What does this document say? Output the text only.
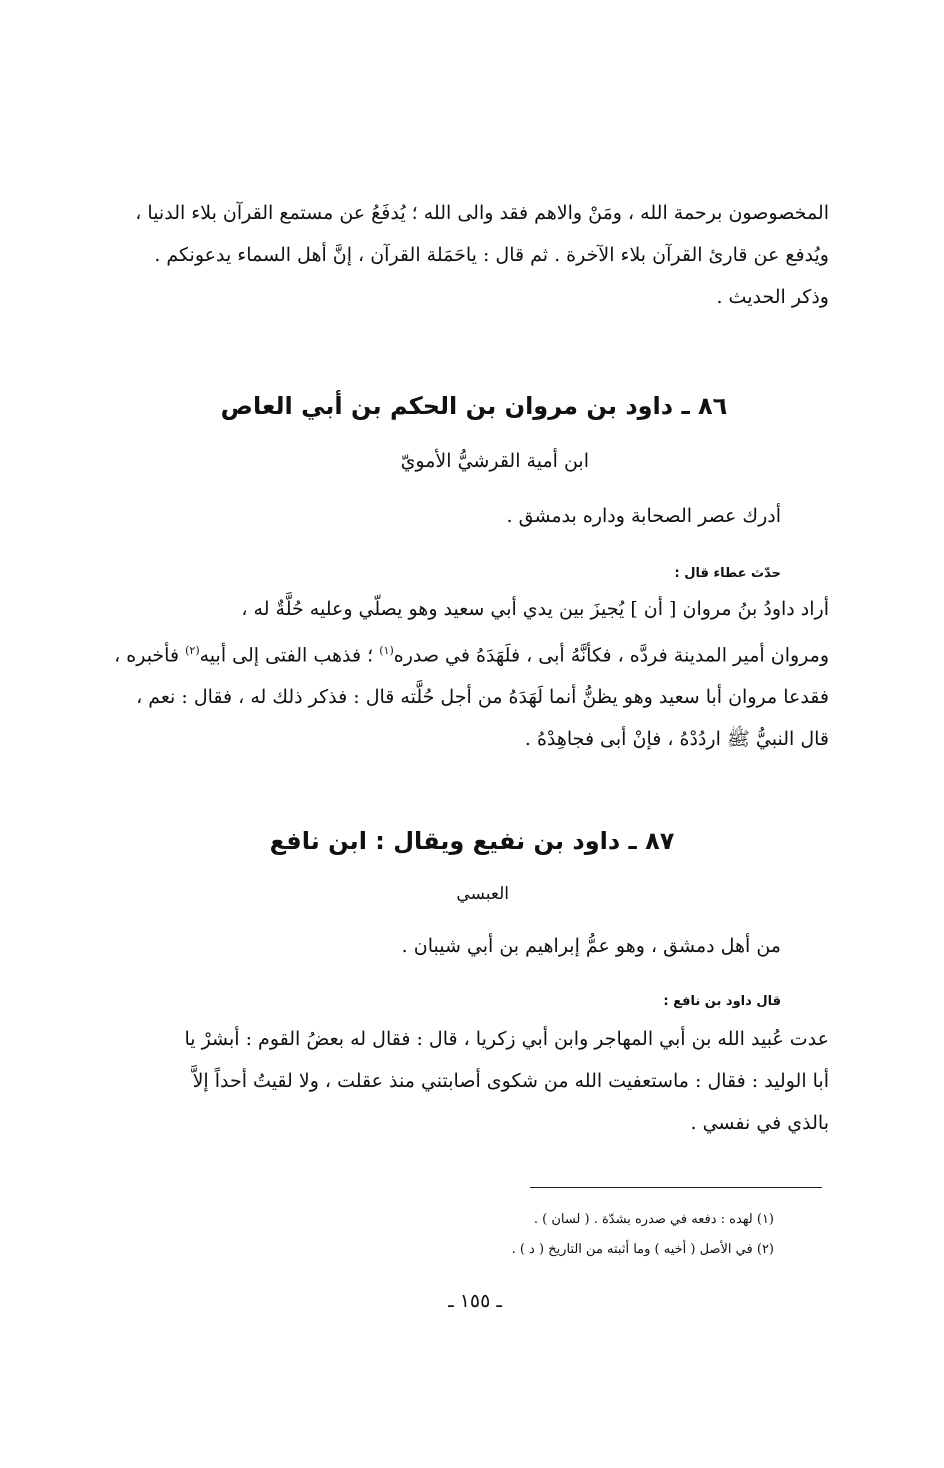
المخصوصون برحمة الله ، ومَنْ والاهم فقد والى الله ؛ يُدفَعُ عن مستمع القرآن بلاء الدنيا ،

ويُدفع عن قارئ القرآن بلاء الآخرة . ثم قال : ياحَمَلة القرآن ، إنَّ أهل السماء يدعونكم .

وذكر الحديث .

٨٦ ـ داود بن مروان بن الحكم بن أبي العاص

ابن أمية القرشيُّ الأمويّ

أدرك عصر الصحابة وداره بدمشق .

حدّث عطاء قال :

أراد داودُ بنُ مروان [ أن ] يُجيزَ بين يدي أبي سعيد وهو يصلّي وعليه حُلَّةٌ له ،

ومروان أمير المدينة فردَّه ، فكأنَّهُ أبى ، فلَهَدَهُ في صدره$^{(١)}$ ؛ فذهب الفتى إلى أبيه$^{(٢)}$ فأخبره ،

فقدعا مروان أبا سعيد وهو يظنُّ أنما لَهَدَهُ من أجل حُلَّته قال : فذكر ذلك له ، فقال : نعم ،

قال النبيُّ ﷺ اردُدْهُ ، فإنْ أبى فجاهِدْهُ .

٨٧ ـ داود بن نفيع ويقال : ابن نافع

العبسي

من أهل دمشق ، وهو عمُّ إبراهيم بن أبي شيبان .

قال داود بن نافع :

عدت عُبيد الله بن أبي المهاجر وابن أبي زكريا ، قال : فقال له بعضُ القوم : أبشرْ يا

أبا الوليد : فقال : ماستعفيت الله من شكوى أصابتني منذ عقلت ، ولا لقيتُ أحداً إلاَّ

بالذي في نفسي .

(١) لهده : دفعه في صدره بشدّة . ( لسان ) .

(٢) في الأصل ( أخيه ) وما أثبته من التاريخ ( د ) .

ـ ١٥٥ ـ
